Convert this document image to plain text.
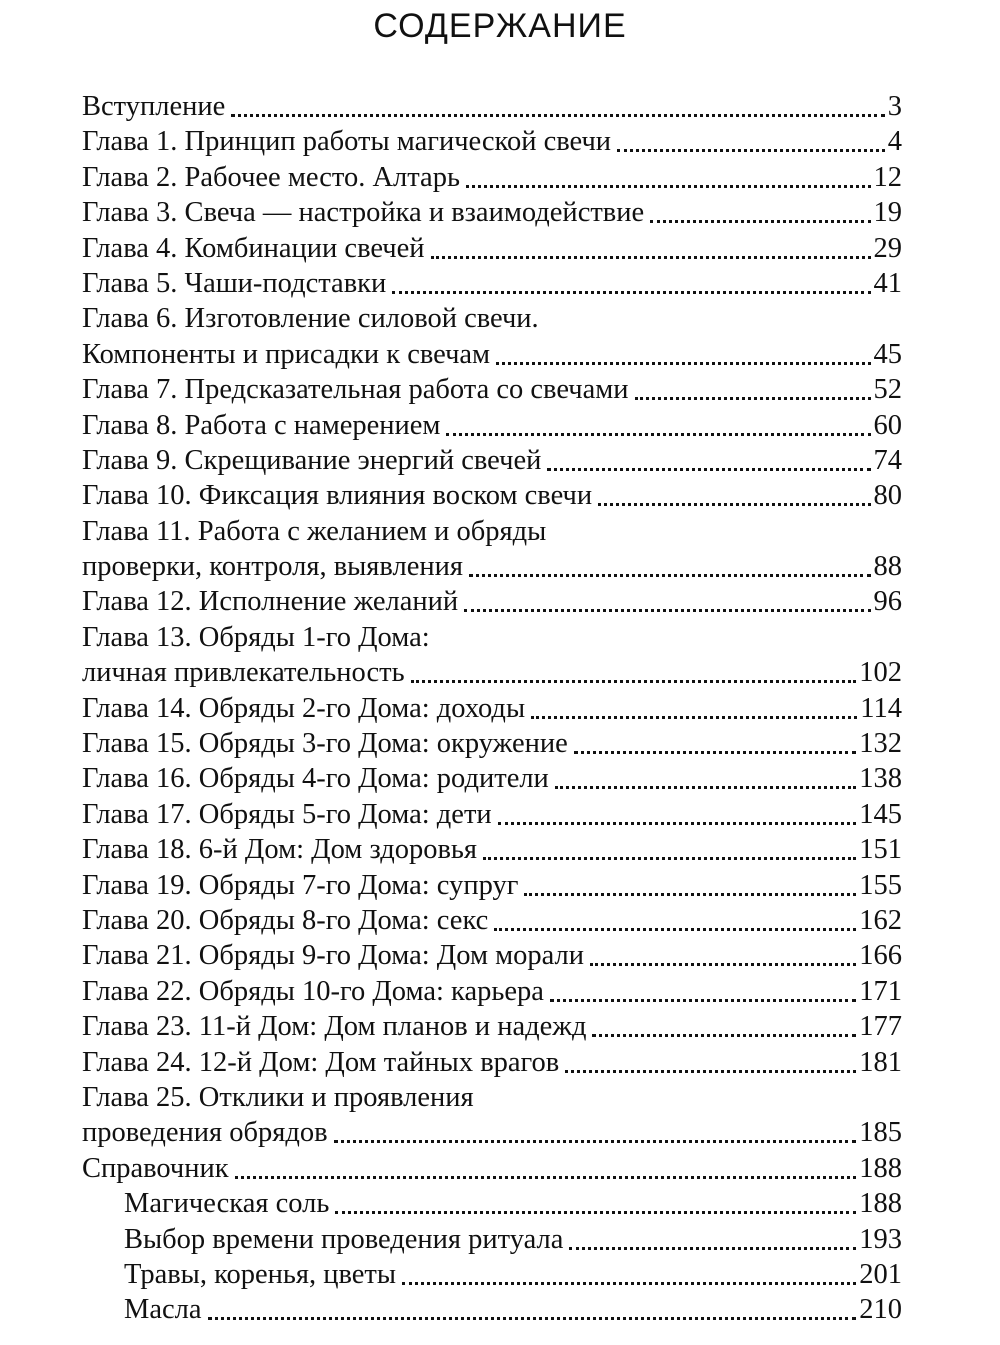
СОДЕРЖАНИЕ
Вступление	3
Глава 1. Принцип работы магической свечи	4
Глава 2. Рабочее место. Алтарь	12
Глава 3. Свеча — настройка и взаимодействие	19
Глава 4. Комбинации свечей	29
Глава 5. Чаши-подставки	41
Глава 6. Изготовление силовой свечи.
Компоненты и присадки к свечам	45
Глава 7. Предсказательная работа со свечами	52
Глава 8. Работа с намерением	60
Глава 9. Скрещивание энергий свечей	74
Глава 10. Фиксация влияния воском свечи	80
Глава 11. Работа с желанием и обряды
проверки, контроля, выявления	88
Глава 12. Исполнение желаний	96
Глава 13. Обряды 1-го Дома:
личная привлекательность	102
Глава 14. Обряды 2-го Дома: доходы	114
Глава 15. Обряды 3-го Дома: окружение	132
Глава 16. Обряды 4-го Дома: родители	138
Глава 17. Обряды 5-го Дома: дети	145
Глава 18. 6-й Дом: Дом здоровья	151
Глава 19. Обряды 7-го Дома: супруг	155
Глава 20. Обряды 8-го Дома: секс	162
Глава 21. Обряды 9-го Дома: Дом морали	166
Глава 22. Обряды 10-го Дома: карьера	171
Глава 23. 11-й Дом: Дом планов и надежд	177
Глава 24. 12-й Дом: Дом тайных врагов	181
Глава 25. Отклики и проявления
проведения обрядов	185
Справочник	188
Магическая соль	188
Выбор времени проведения ритуала	193
Травы, коренья, цветы	201
Масла	210
